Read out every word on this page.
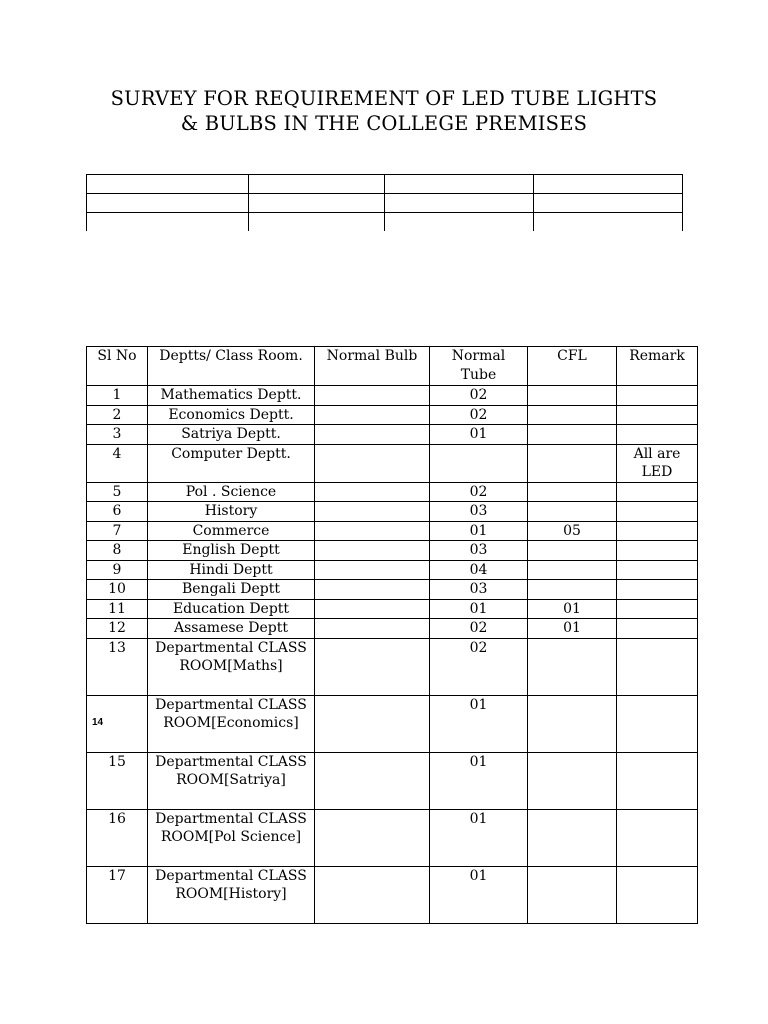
SURVEY FOR REQUIREMENT OF LED TUBE LIGHTS
& BULBS IN THE COLLEGE PREMISES

Sl No	Deptts/ Class Room.	Normal Bulb	Normal Tube	CFL	Remark
1	Mathematics Deptt.		02		
2	Economics Deptt.		02		
3	Satriya Deptt.		01		
4	Computer Deptt.				All are LED
5	Pol . Science		02		
6	History		03		
7	Commerce		01	05	
8	English Deptt		03		
9	Hindi Deptt		04		
10	Bengali Deptt		03		
11	Education Deptt		01	01	
12	Assamese Deptt		02	01	
13	Departmental CLASS ROOM[Maths]		02		
14	Departmental CLASS ROOM[Economics]		01		
15	Departmental CLASS ROOM[Satriya]		01		
16	Departmental CLASS ROOM[Pol Science]		01		
17	Departmental CLASS ROOM[History]		01		
